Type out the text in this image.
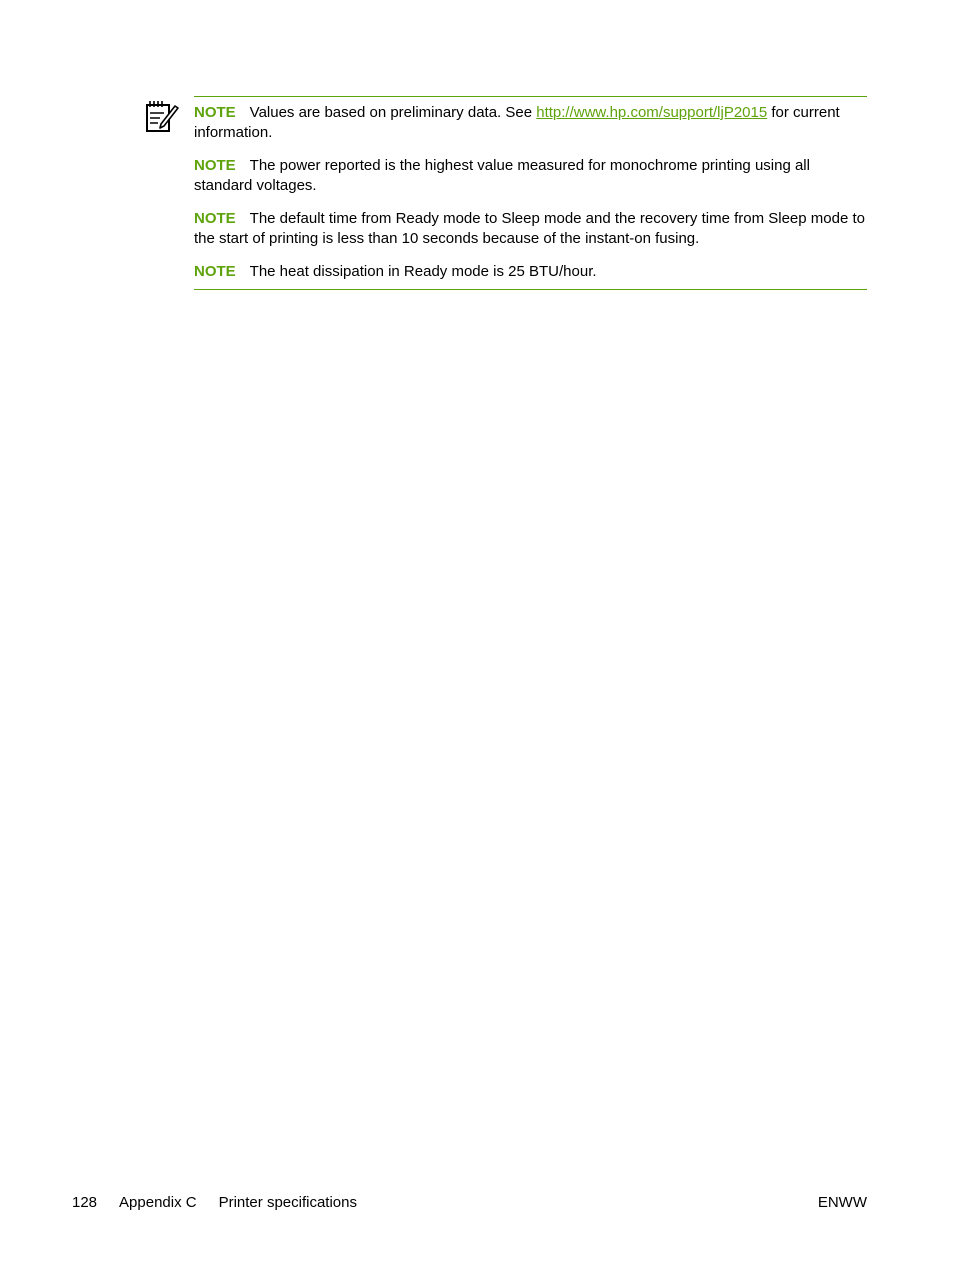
NOTE Values are based on preliminary data. See http://www.hp.com/support/ljP2015 for current information.

NOTE The power reported is the highest value measured for monochrome printing using all standard voltages.

NOTE The default time from Ready mode to Sleep mode and the recovery time from Sleep mode to the start of printing is less than 10 seconds because of the instant-on fusing.

NOTE The heat dissipation in Ready mode is 25 BTU/hour.

128 Appendix C Printer specifications	ENWW
